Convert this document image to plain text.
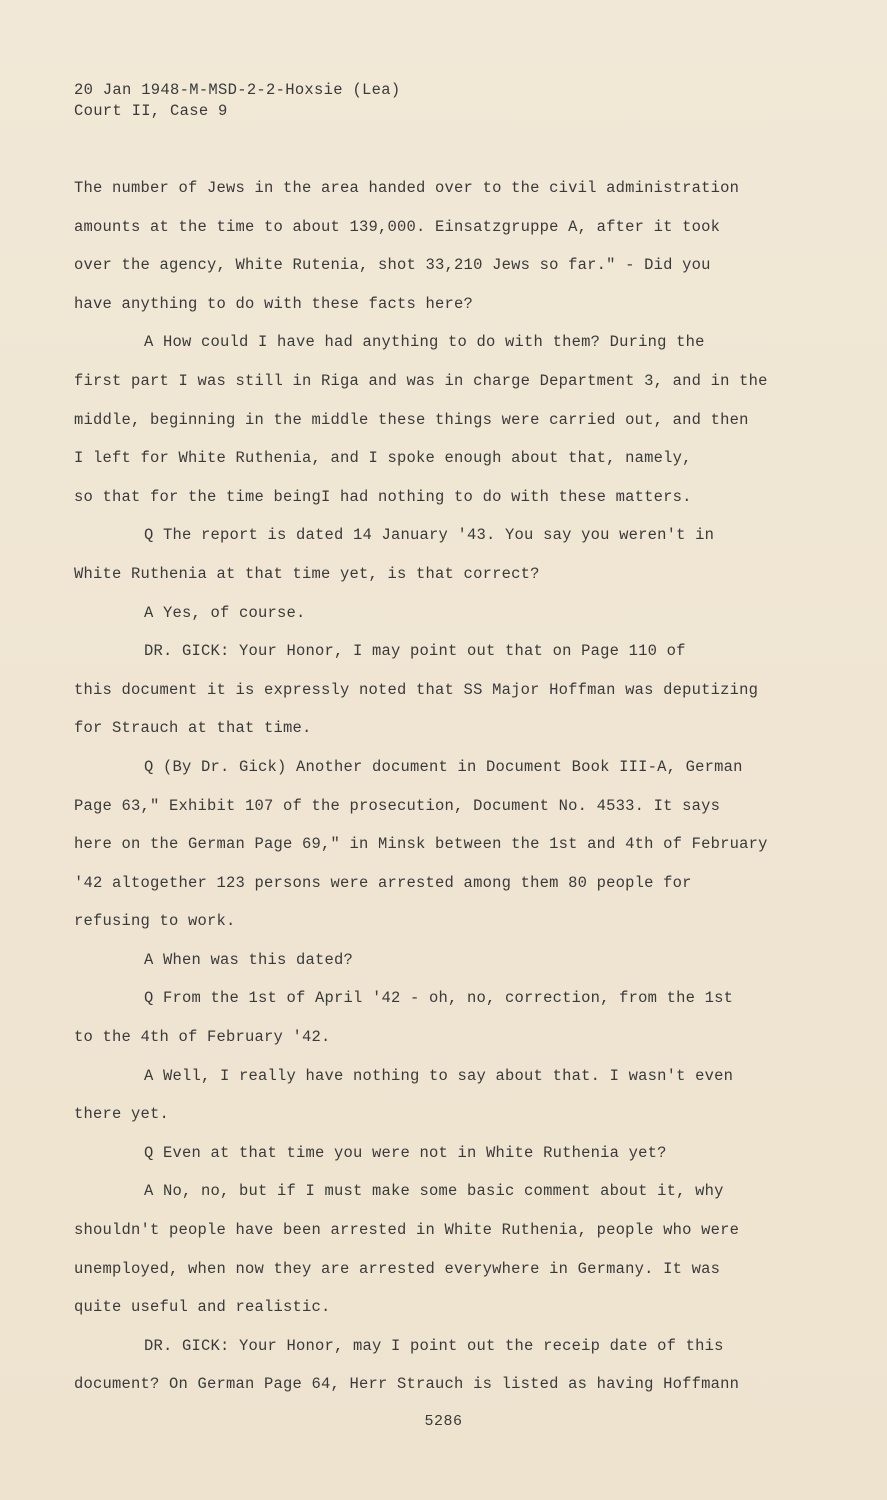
20 Jan 1948-M-MSD-2-2-Hoxsie (Lea)
Court II, Case 9
The number of Jews in the area handed over to the civil administration
amounts at the time to about 139,000. Einsatzgruppe A, after it took
over the agency, White Rutenia, shot 33,210 Jews so far." - Did you
have anything to do with these facts here?
A How could I have had anything to do with them? During the
first part I was still in Riga and was in charge Department 3, and in the
middle, beginning in the middle these things were carried out, and then
I left for White Ruthenia, and I spoke enough about that, namely,
so that for the time beingI had nothing to do with these matters.
Q The report is dated 14 January '43. You say you weren't in
White Ruthenia at that time yet, is that correct?
A Yes, of course.
DR. GICK: Your Honor, I may point out that on Page 110 of
this document it is expressly noted that SS Major Hoffman was deputizing
for Strauch at that time.
Q (By Dr. Gick) Another document in Document Book III-A, German
Page 63," Exhibit 107 of the prosecution, Document No. 4533. It says
here on the German Page 69," in Minsk between the 1st and 4th of February
'42 altogether 123 persons were arrested among them 80 people for
refusing to work.
A When was this dated?
Q From the 1st of April '42 - oh, no, correction, from the 1st
to the 4th of February '42.
A Well, I really have nothing to say about that. I wasn't even
there yet.
Q Even at that time you were not in White Ruthenia yet?
A No, no, but if I must make some basic comment about it, why
shouldn't people have been arrested in White Ruthenia, people who were
unemployed, when now they are arrested everywhere in Germany. It was
quite useful and realistic.
DR. GICK: Your Honor, may I point out the receip date of this
document? On German Page 64, Herr Strauch is listed as having Hoffmann
5286
